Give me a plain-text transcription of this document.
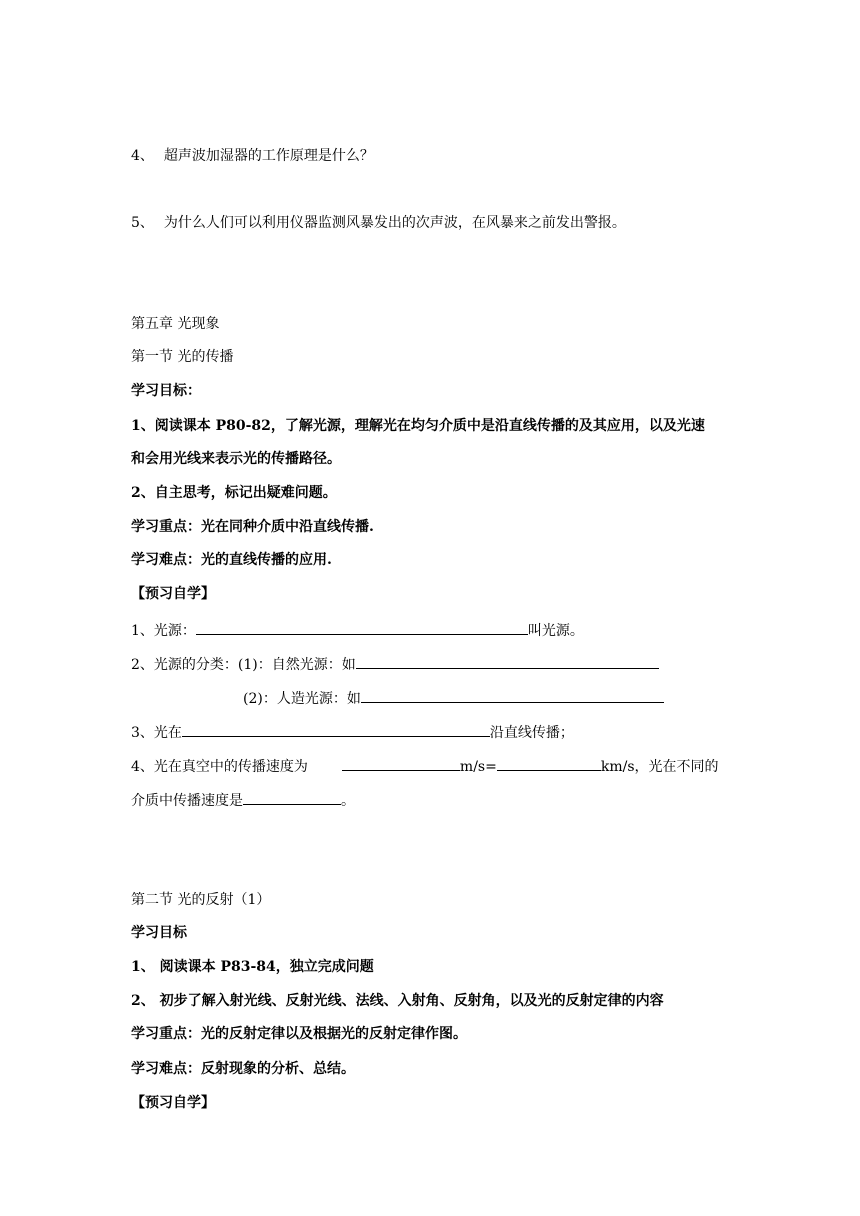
4、 超声波加湿器的工作原理是什么？
5、 为什么人们可以利用仪器监测风暴发出的次声波，在风暴来之前发出警报。
第五章 光现象
第一节 光的传播
学习目标：
1、阅读课本 P80-82，了解光源，理解光在均匀介质中是沿直线传播的及其应用，以及光速
和会用光线来表示光的传播路径。
2、自主思考，标记出疑难问题。
学习重点：光在同种介质中沿直线传播.
学习难点：光的直线传播的应用.
【预习自学】
1、光源：	叫光源。
2、光源的分类：(1)：自然光源：如
(2)：人造光源：如
3、光在	沿直线传播；
4、光在真空中的传播速度为	m/s=	km/s，光在不同的
介质中传播速度是	。
第二节 光的反射（1）
学习目标
1、 阅读课本 P83-84，独立完成问题
2、 初步了解入射光线、反射光线、法线、入射角、反射角，以及光的反射定律的内容
学习重点：光的反射定律以及根据光的反射定律作图。
学习难点：反射现象的分析、总结。
【预习自学】
